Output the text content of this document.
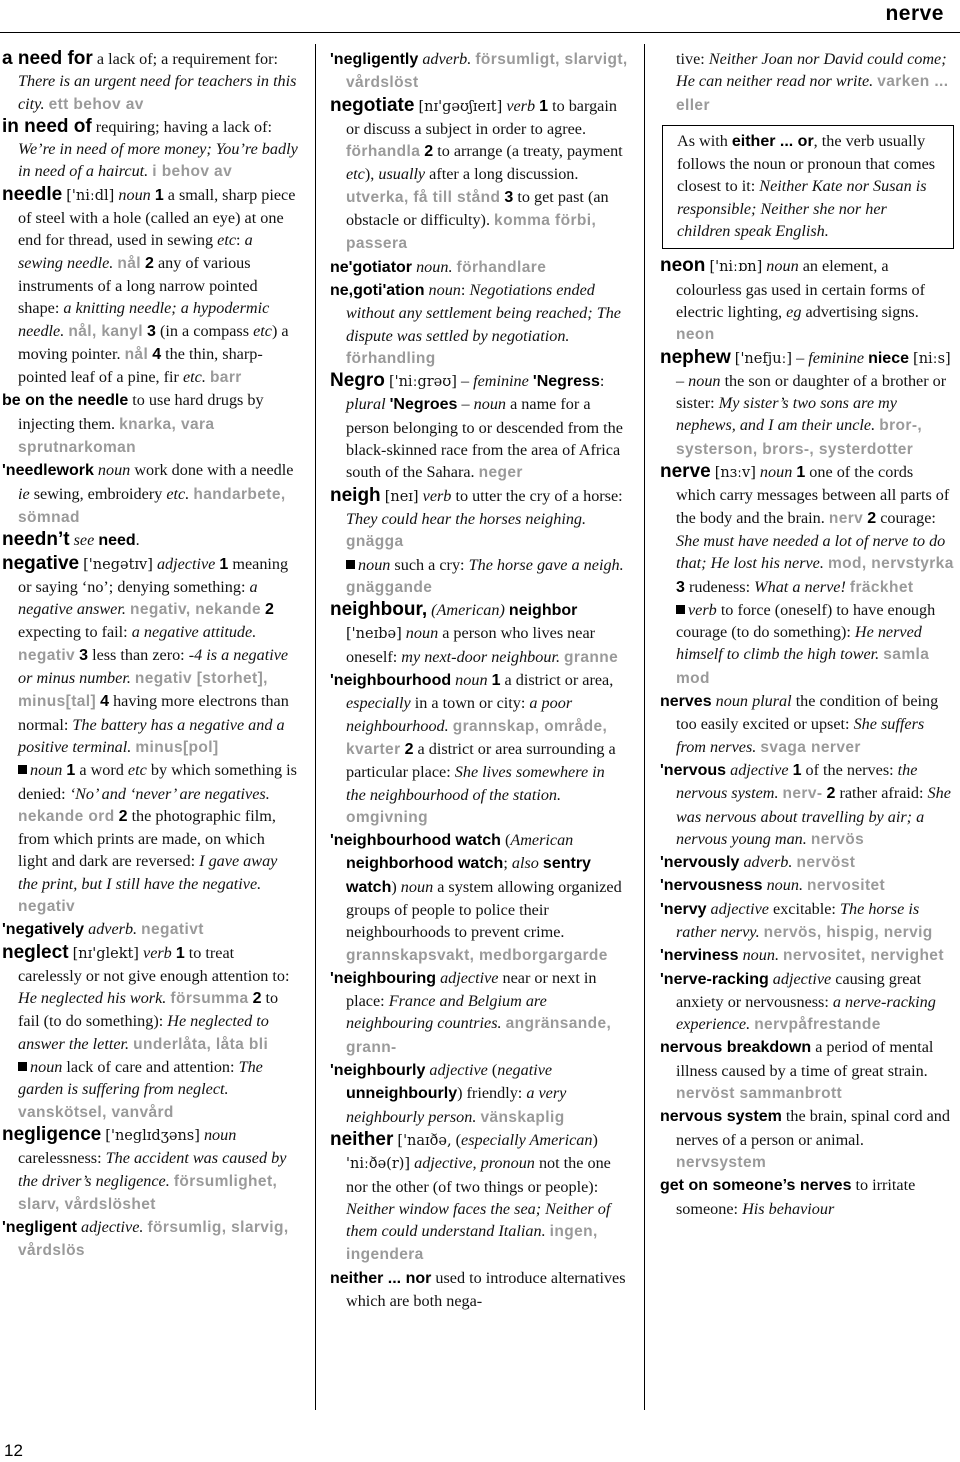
nerve

a need for a lack of; a requirement for: There is an urgent need for teachers in this city. ett behov av

in need of requiring; having a lack of: We’re in need of more money; You’re badly in need of a haircut. i behov av

needle ['niːdl] noun 1 a small, sharp piece of steel with a hole (called an eye) at one end for thread, used in sewing etc: a sewing needle. nål 2 any of various instruments of a long narrow pointed shape: a knitting needle; a hypodermic needle. nål, kanyl 3 (in a compass etc) a moving pointer. nål 4 the thin, sharp-pointed leaf of a pine, fir etc. barr

be on the needle to use hard drugs by injecting them. knarka, vara sprutnarkoman

'needlework noun work done with a needle ie sewing, embroidery etc. handarbete, sömnad

needn’t see need.

negative ['negətɪv] adjective 1 meaning or saying ‘no’; denying something: a negative answer. negativ, nekande 2 expecting to fail: a negative attitude. negativ 3 less than zero: -4 is a negative or minus number. negativ [storhet], minus[tal] 4 having more electrons than normal: The battery has a negative and a positive terminal. minus[pol]

noun 1 a word etc by which something is denied: ‘No’ and ‘never’ are negatives. nekande ord 2 the photographic film, from which prints are made, on which light and dark are reversed: I gave away the print, but I still have the negative. negativ

'negatively adverb. negativt

neglect [nɪ'glekt] verb 1 to treat carelessly or not give enough attention to: He neglected his work. försumma 2 to fail (to do something): He neglected to answer the letter. underlåta, låta bli

noun lack of care and attention: The garden is suffering from neglect. vanskötsel, vanvård

negligence ['neglɪdʒəns] noun carelessness: The accident was caused by the driver’s negligence. försumlighet, slarv, vårdslöshet

'negligent adjective. försumlig, slarvig, vårdslös

'negligently adverb. försumligt, slarvigt, vårdslöst

negotiate [nɪ'gəʊʃɪeɪt] verb 1 to bargain or discuss a subject in order to agree. förhandla 2 to arrange (a treaty, payment etc), usually after a long discussion. utverka, få till stånd 3 to get past (an obstacle or difficulty). komma förbi, passera

ne'gotiator noun. förhandlare

ne,goti'ation noun: Negotiations ended without any settlement being reached; The dispute was settled by negotiation. förhandling

Negro ['niːgrəʊ] – feminine 'Negress: plural 'Negroes – noun a name for a person belonging to or descended from the black-skinned race from the area of Africa south of the Sahara. neger

neigh [neɪ] verb to utter the cry of a horse: They could hear the horses neighing. gnägga

noun such a cry: The horse gave a neigh. gnäggande

neighbour, (American) neighbor ['neɪbə] noun a person who lives near oneself: my next-door neighbour. granne

'neighbourhood noun 1 a district or area, especially in a town or city: a poor neighbourhood. grannskap, område, kvarter 2 a district or area surrounding a particular place: She lives somewhere in the neighbourhood of the station. omgivning

'neighbourhood watch (American neighborhood watch; also sentry watch) noun a system allowing organized groups of people to police their neighbourhoods to prevent crime. grannskapsvakt, medborgargarde

'neighbouring adjective near or next in place: France and Belgium are neighbouring countries. angränsande, grann-

'neighbourly adjective (negative unneighbourly) friendly: a very neighbourly person. vänskaplig

neither ['naɪðə, (especially American) 'niːðə(r)] adjective, pronoun not the one nor the other (of two things or people): Neither window faces the sea; Neither of them could understand Italian. ingen, ingendera

neither ... nor used to introduce alternatives which are both nega-

tive: Neither Joan nor David could come; He can neither read nor write. varken ... eller

As with either ... or, the verb usually follows the noun or pronoun that comes closest to it: Neither Kate nor Susan is responsible; Neither she nor her children speak English.

neon ['niːɒn] noun an element, a colourless gas used in certain forms of electric lighting, eg advertising signs. neon

nephew ['nefjuː] – feminine niece [niːs] – noun the son or daughter of a brother or sister: My sister’s two sons are my nephews, and I am their uncle. bror-, systerson, brors-, systerdotter

nerve [nɜːv] noun 1 one of the cords which carry messages between all parts of the body and the brain. nerv 2 courage: She must have needed a lot of nerve to do that; He lost his nerve. mod, nervstyrka 3 rudeness: What a nerve! fräckhet

verb to force (oneself) to have enough courage (to do something): He nerved himself to climb the high tower. samla mod

nerves noun plural the condition of being too easily excited or upset: She suffers from nerves. svaga nerver

'nervous adjective 1 of the nerves: the nervous system. nerv- 2 rather afraid: She was nervous about travelling by air; a nervous young man. nervös

'nervously adverb. nervöst

'nervousness noun. nervositet

'nervy adjective excitable: The horse is rather nervy. nervös, hispig, nervig

'nerviness noun. nervositet, nervighet

'nerve-racking adjective causing great anxiety or nervousness: a nerve-racking experience. nervpåfrestande

nervous breakdown a period of mental illness caused by a time of great strain. nervöst sammanbrott

nervous system the brain, spinal cord and nerves of a person or animal. nervsystem

get on someone’s nerves to irritate someone: His behaviour

12
